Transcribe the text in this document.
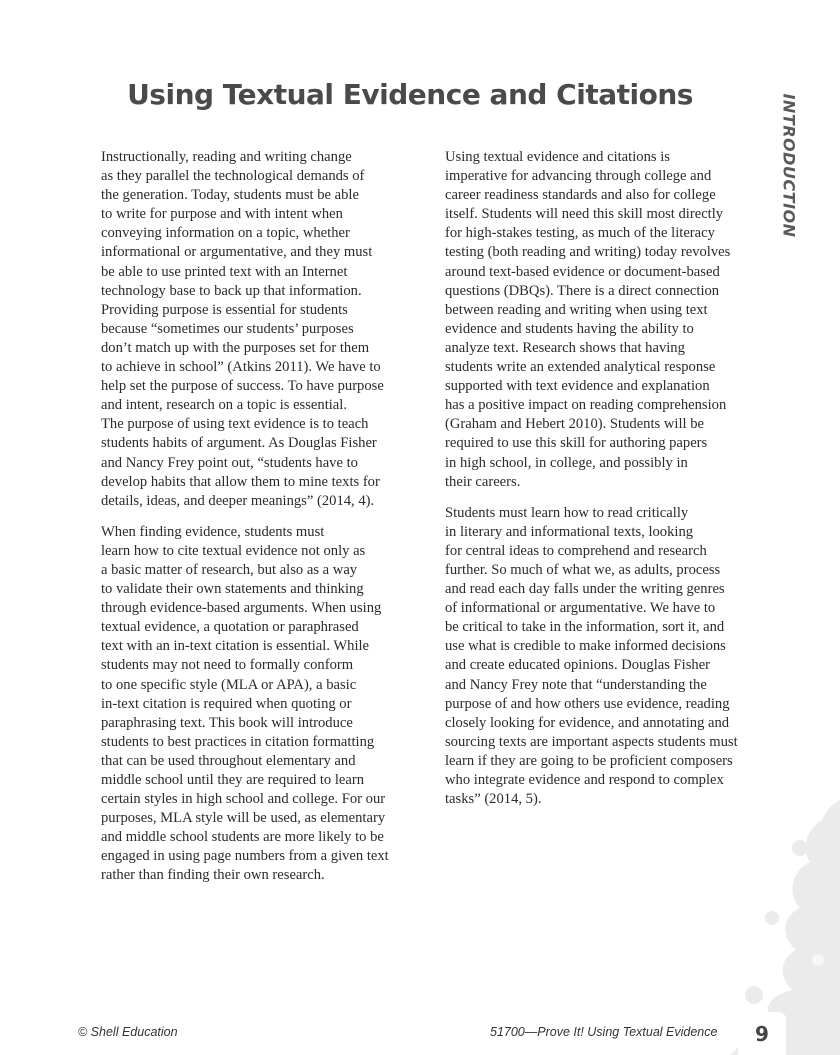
Using Textual Evidence and Citations	INTRODUCTION

Instructionally, reading and writing change
as they parallel the technological demands of
the generation. Today, students must be able
to write for purpose and with intent when
conveying information on a topic, whether
informational or argumentative, and they must
be able to use printed text with an Internet
technology base to back up that information.
Providing purpose is essential for students
because “sometimes our students’ purposes
don’t match up with the purposes set for them
to achieve in school” (Atkins 2011). We have to
help set the purpose of success. To have purpose
and intent, research on a topic is essential.
The purpose of using text evidence is to teach
students habits of argument. As Douglas Fisher
and Nancy Frey point out, “students have to
develop habits that allow them to mine texts for
details, ideas, and deeper meanings” (2014, 4).

When finding evidence, students must
learn how to cite textual evidence not only as
a basic matter of research, but also as a way
to validate their own statements and thinking
through evidence-based arguments. When using
textual evidence, a quotation or paraphrased
text with an in-text citation is essential. While
students may not need to formally conform
to one specific style (MLA or APA), a basic
in-text citation is required when quoting or
paraphrasing text. This book will introduce
students to best practices in citation formatting
that can be used throughout elementary and
middle school until they are required to learn
certain styles in high school and college. For our
purposes, MLA style will be used, as elementary
and middle school students are more likely to be
engaged in using page numbers from a given text
rather than finding their own research.

Using textual evidence and citations is
imperative for advancing through college and
career readiness standards and also for college
itself. Students will need this skill most directly
for high-stakes testing, as much of the literacy
testing (both reading and writing) today revolves
around text-based evidence or document-based
questions (DBQs). There is a direct connection
between reading and writing when using text
evidence and students having the ability to
analyze text. Research shows that having
students write an extended analytical response
supported with text evidence and explanation
has a positive impact on reading comprehension
(Graham and Hebert 2010). Students will be
required to use this skill for authoring papers
in high school, in college, and possibly in
their careers.

Students must learn how to read critically
in literary and informational texts, looking
for central ideas to comprehend and research
further. So much of what we, as adults, process
and read each day falls under the writing genres
of informational or argumentative. We have to
be critical to take in the information, sort it, and
use what is credible to make informed decisions
and create educated opinions. Douglas Fisher
and Nancy Frey note that “understanding the
purpose of and how others use evidence, reading
closely looking for evidence, and annotating and
sourcing texts are important aspects students must
learn if they are going to be proficient composers
who integrate evidence and respond to complex
tasks” (2014, 5).

© Shell Education	51700—Prove It! Using Textual Evidence	9
